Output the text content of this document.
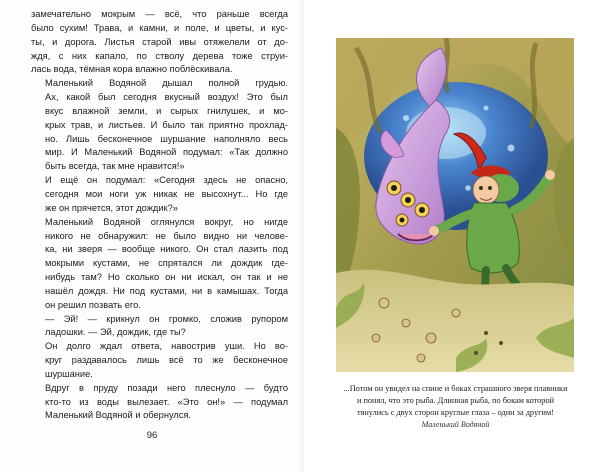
замечательно мокрым — всё, что раньше всегда
было сухим! Трава, и камни, и поле, и цветы, и кус-
ты, и дорога. Листья старой ивы отяжелели от до-
ждя, с них капало, по стволу дерева тоже струи-
лась вода, тёмная кора влажно поблёскивала.

Маленький Водяной дышал полной грудью.
Ах, какой был сегодня вкусный воздух! Это был
вкус влажной земли, и сырых гнилушек, и мо-
крых трав, и листьев. И было так приятно прохлад-
но. Лишь бесконечное шуршание наполняло весь
мир. И Маленький Водяной подумал: «Так должно
быть всегда, так мне нравится!»

И ещё он подумал: «Сегодня здесь не опасно,
сегодня мои ноги уж никак не высохнут... Но где
же он прячется, этот дождик?»

Маленький Водяной оглянулся вокруг, но нигде
никого не обнаружил: не было видно ни челове-
ка, ни зверя — вообще никого. Он стал лазить под
мокрыми кустами, не спрятался ли дождик где-
нибудь там? Но сколько он ни искал, он так и не
нашёл дождя. Ни под кустами, ни в камышах. Тогда
он решил позвать его.

— Эй! — крикнул он громко, сложив рупором
ладошки. — Эй, дождик, где ты?

Он долго ждал ответа, навострив уши. Но во-
круг раздавалось лишь всё то же бесконечное
шуршание.

Вдруг в пруду позади него плеснуло — будто
кто-то из воды вылезает. «Это он!» — подумал
Маленький Водяной и обернулся.

96
...Потом он увидел на спине и боках страшного зверя плавники
и понял, что это рыба. Длинная рыба, по бокам которой
тянулись с двух сторон круглые глаза – один за другим!
Маленький Водяной
